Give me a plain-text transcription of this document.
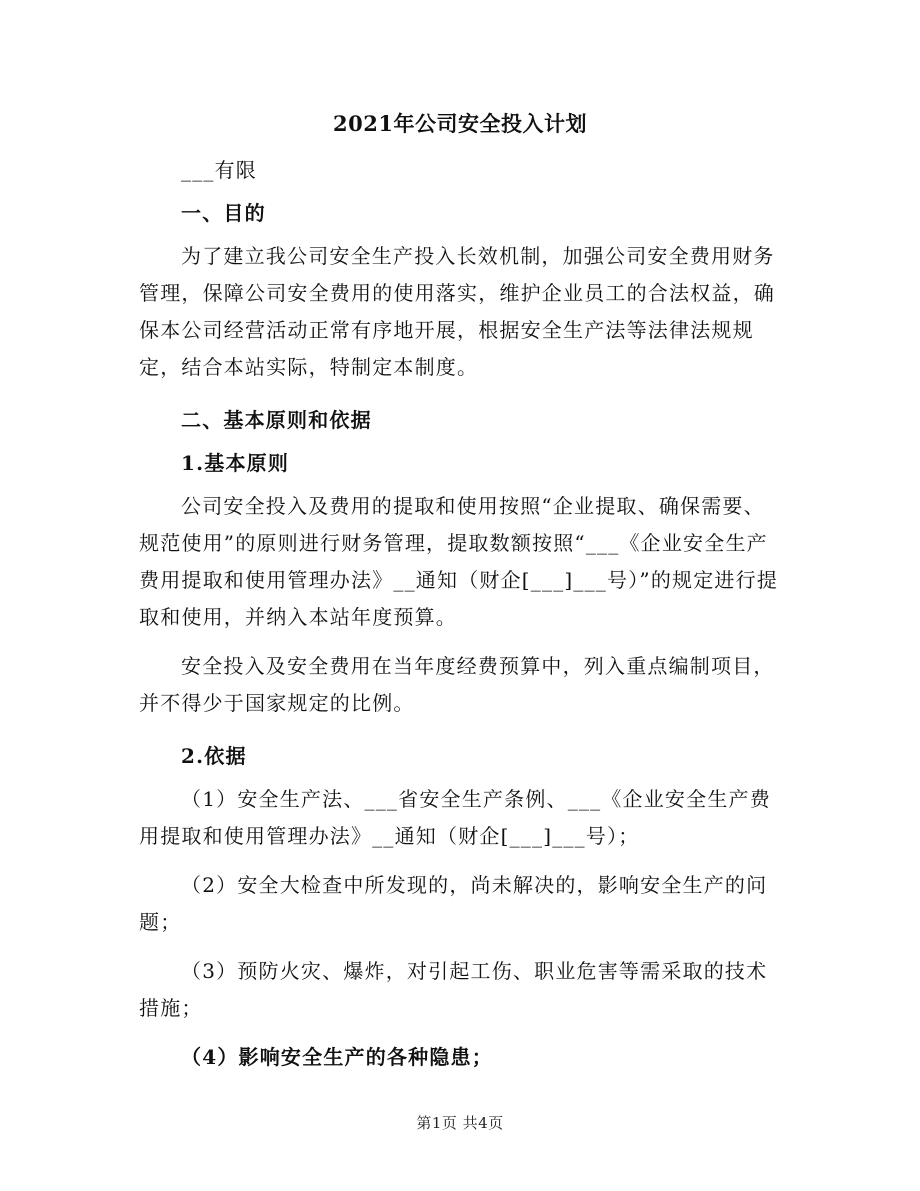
2021年公司安全投入计划

___有限

一、目的

为了建立我公司安全生产投入长效机制，加强公司安全费用财务管理，保障公司安全费用的使用落实，维护企业员工的合法权益，确保本公司经营活动正常有序地开展，根据安全生产法等法律法规规定，结合本站实际，特制定本制度。

二、基本原则和依据

1.基本原则

公司安全投入及费用的提取和使用按照“企业提取、确保需要、规范使用”的原则进行财务管理，提取数额按照“___《企业安全生产费用提取和使用管理办法》__通知（财企[___]___号）”的规定进行提取和使用，并纳入本站年度预算。

安全投入及安全费用在当年度经费预算中，列入重点编制项目，并不得少于国家规定的比例。

2.依据

（1）安全生产法、___省安全生产条例、___《企业安全生产费用提取和使用管理办法》__通知（财企[___]___号）；

（2）安全大检查中所发现的，尚未解决的，影响安全生产的问题；

（3）预防火灾、爆炸，对引起工伤、职业危害等需采取的技术措施；

（4）影响安全生产的各种隐患；

第1页 共4页
